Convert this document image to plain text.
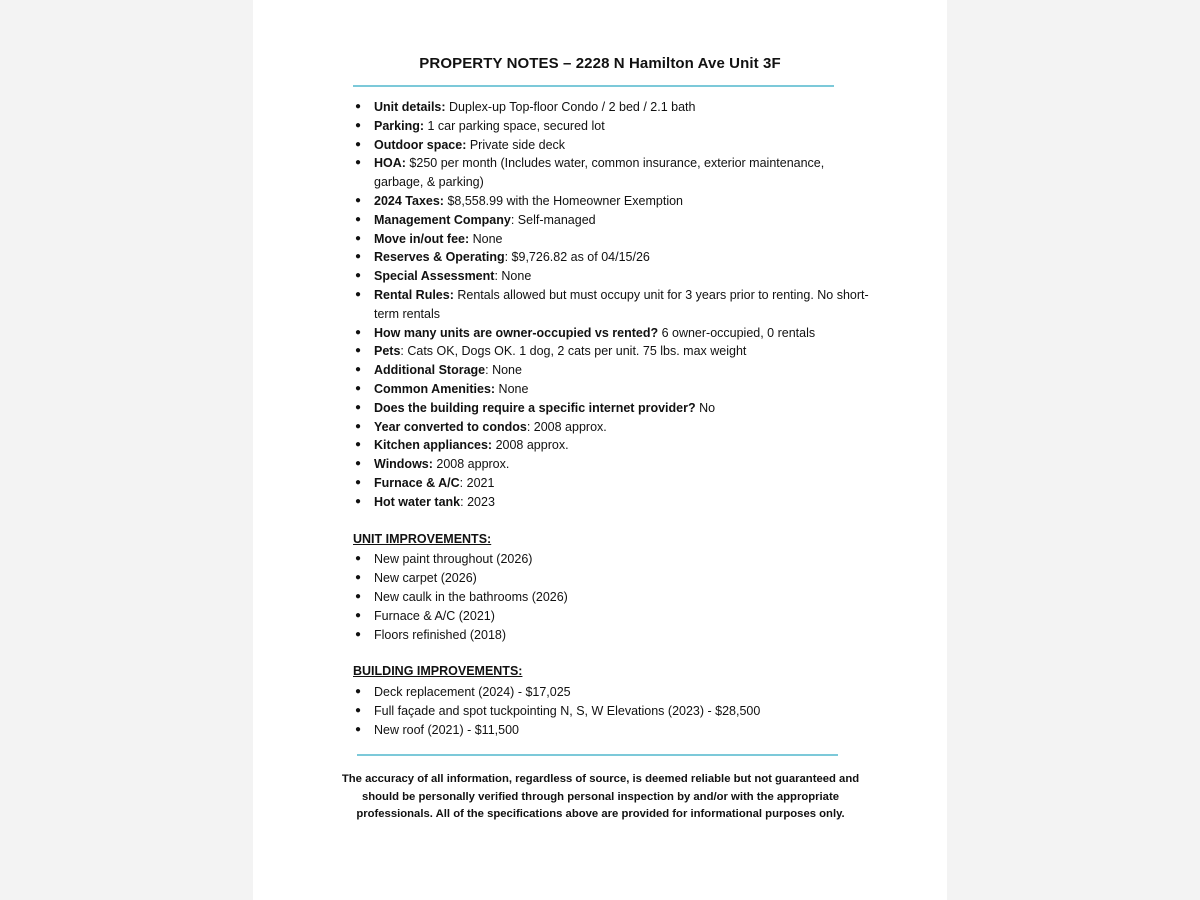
PROPERTY NOTES – 2228 N Hamilton Ave Unit 3F
● Unit details: Duplex-up Top-floor Condo / 2 bed / 2.1 bath
● Parking: 1 car parking space, secured lot
● Outdoor space: Private side deck
● HOA: $250 per month (Includes water, common insurance, exterior maintenance, garbage, & parking)
● 2024 Taxes: $8,558.99 with the Homeowner Exemption
● Management Company: Self-managed
● Move in/out fee: None
● Reserves & Operating: $9,726.82 as of 04/15/26
● Special Assessment: None
● Rental Rules: Rentals allowed but must occupy unit for 3 years prior to renting. No short-term rentals
● How many units are owner-occupied vs rented? 6 owner-occupied, 0 rentals
● Pets: Cats OK, Dogs OK. 1 dog, 2 cats per unit. 75 lbs. max weight
● Additional Storage: None
● Common Amenities: None
● Does the building require a specific internet provider? No
● Year converted to condos: 2008 approx.
● Kitchen appliances: 2008 approx.
● Windows: 2008 approx.
● Furnace & A/C: 2021
● Hot water tank: 2023
UNIT IMPROVEMENTS:
● New paint throughout (2026)
● New carpet (2026)
● New caulk in the bathrooms (2026)
● Furnace & A/C (2021)
● Floors refinished (2018)
BUILDING IMPROVEMENTS:
● Deck replacement (2024) - $17,025
● Full façade and spot tuckpointing N, S, W Elevations (2023) - $28,500
● New roof (2021) - $11,500
The accuracy of all information, regardless of source, is deemed reliable but not guaranteed and should be personally verified through personal inspection by and/or with the appropriate professionals. All of the specifications above are provided for informational purposes only.
